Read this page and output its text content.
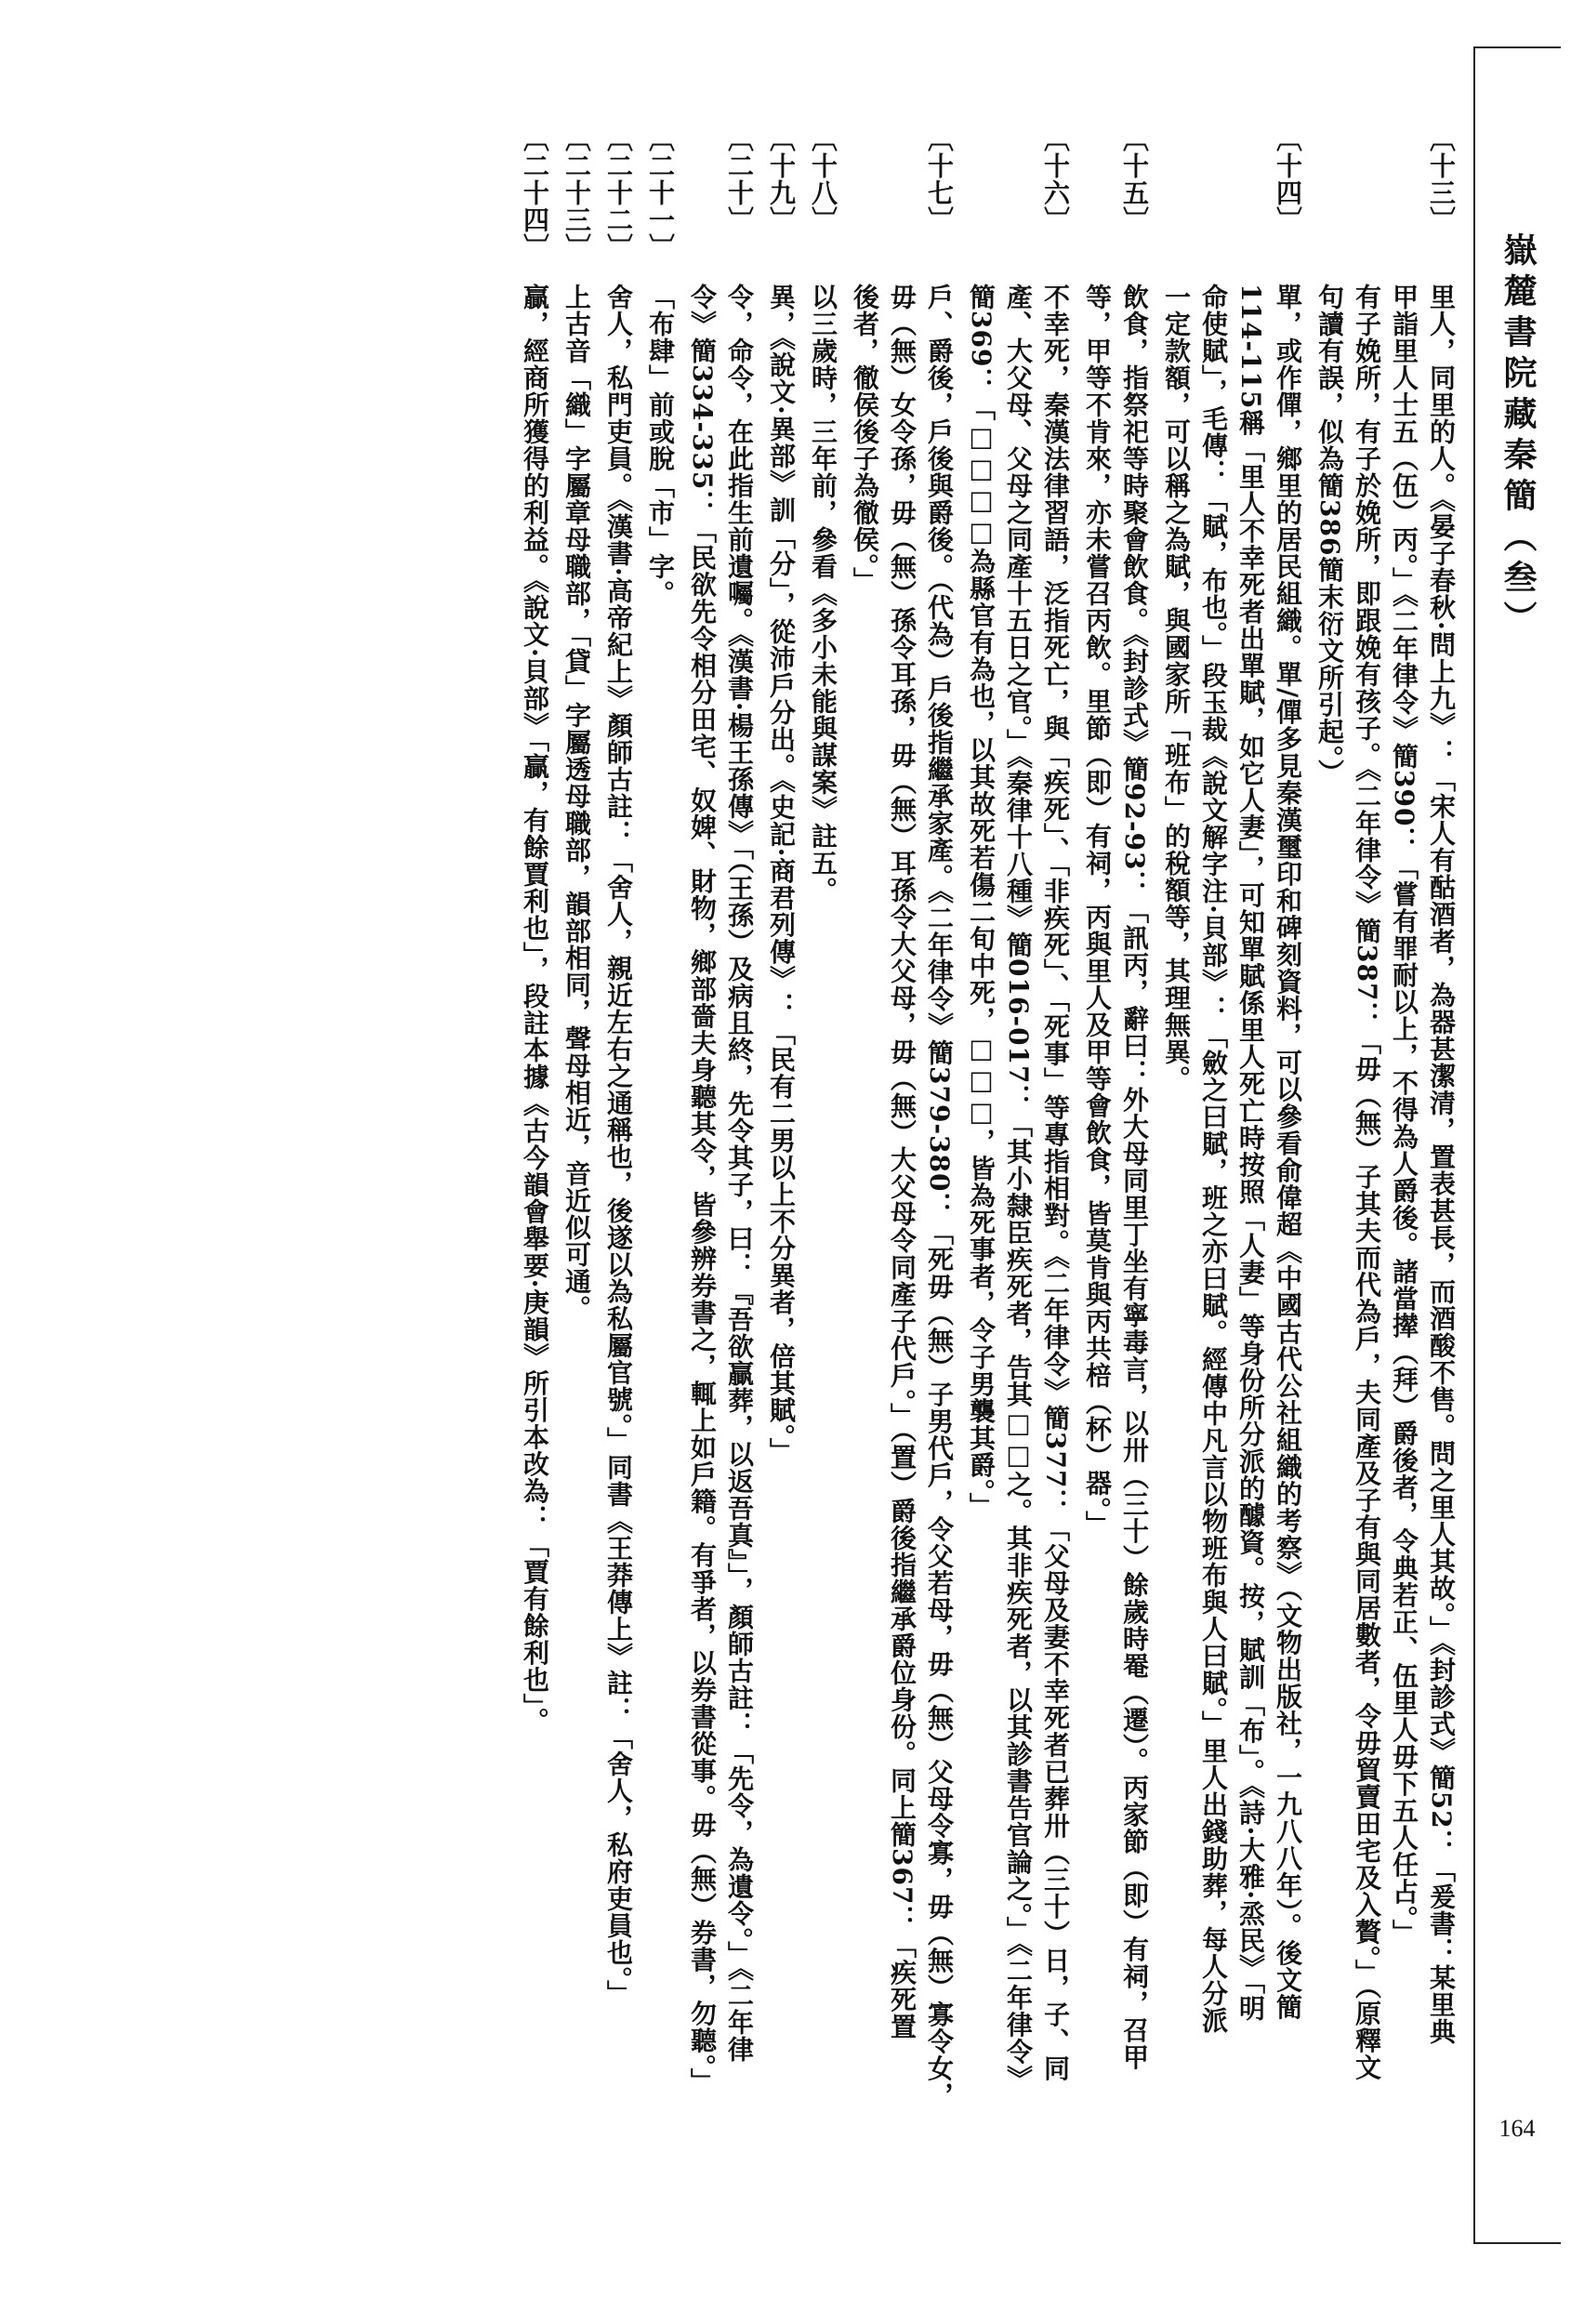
嶽麓書院藏秦簡（叁）
164
〔十三〕
里人，同里的人。《晏子春秋·問上九》：「宋人有酤酒者，為器甚潔清，置表甚長，而酒酸不售。問之里人其故。」《封診式》簡52：「爰書：某里典
甲詣里人士五（伍）丙。」《二年律令》簡390：「嘗有罪耐以上，不得為人爵後。諸當撵（拜）爵後者，令典若正、伍里人毋下五人任占。」
有子娩所，有子於娩所，即跟娩有孩子。《二年律令》簡387：「毋（無）子其夫而代為戶，夫同產及子有與同居數者，令毋貿賣田宅及入贅。」（原釋文
句讀有誤，似為簡386簡末衍文所引起。）
〔十四〕
單，或作僤，鄉里的居民組織。單/僤多見秦漢璽印和碑刻資料，可以參看俞偉超《中國古代公社組織的考察》（文物出版社，一九八八年）。後文簡
114-115稱「里人不幸死者出單賦，如它人妻」，可知單賦係里人死亡時按照「人妻」等身份所分派的醵資。按，賦訓「布」。《詩·大雅·烝民》「明
命使賦」，毛傳：「賦，布也。」段玉裁《說文解字注·貝部》：「斂之曰賦，班之亦曰賦。經傳中凡言以物班布與人曰賦。」里人出錢助葬，每人分派
一定款額，可以稱之為賦，與國家所「班布」的稅額等，其理無異。
〔十五〕
飲食，指祭祀等時聚會飲食。《封診式》簡92-93：「訊丙，辭曰：外大母同里丁坐有寧毒言，以卅（三十）餘歲時罨（遷）。丙家節（即）有祠，召甲
等，甲等不肯來，亦未嘗召丙飲。里節（即）有祠，丙與里人及甲等會飲食，皆莫肯與丙共棓（杯）器。」
〔十六〕
不幸死，秦漢法律習語，泛指死亡，與「疾死」、「非疾死」、「死事」等專指相對。《二年律令》簡377：「父母及妻不幸死者已葬卅（三十）日，子、同
產、大父母、父母之同產十五日之官。」《秦律十八種》簡016-017：「其小隸臣疾死者，告其□□之。其非疾死者，以其診書告官論之。」《二年律令》
簡369：「□□□□為縣官有為也，以其故死若傷二旬中死，□□□，皆為死事者，令子男襲其爵。」
〔十七〕
戶、爵後，戶後與爵後。（代為）戶後指繼承家產。《二年律令》簡379-380：「死毋（無）子男代戶，令父若母，毋（無）父母令寡，毋（無）寡令女，
毋（無）女令孫，毋（無）孫令耳孫，毋（無）耳孫令大父母，毋（無）大父母令同產子代戶。」（置）爵後指繼承爵位身份。同上簡367：「疾死置
後者，徹侯後子為徹侯。」
〔十八〕
以三歲時，三年前，參看《多小未能與謀案》註五。
〔十九〕
異，《說文·異部》訓「分」，從沛戶分出。《史記·商君列傳》：「民有二男以上不分異者，倍其賦。」
〔二十〕
令，命令，在此指生前遺囑。《漢書·楊王孫傳》「（王孫）及病且終，先令其子，曰：『吾欲贏葬，以返吾真』」，顏師古註：「先令，為遺令。」《二年律
令》簡334-335：「民欲先令相分田宅、奴婢、財物，鄉部嗇夫身聽其令，皆參辨券書之，輒上如戶籍。有爭者，以券書從事。毋（無）券書，勿聽。」
〔二十一〕
「布肆」前或脫「市」字。
〔二十二〕
舍人，私門吏員。《漢書·高帝紀上》顏師古註：「舍人，親近左右之通稱也，後遂以為私屬官號。」同書《王莽傳上》註：「舍人，私府吏員也。」
〔二十三〕
上古音「織」字屬章母職部，「貸」字屬透母職部，韻部相同，聲母相近，音近似可通。
〔二十四〕
贏，經商所獲得的利益。《說文·貝部》「贏，有餘賈利也」，段註本據《古今韻會舉要·庚韻》所引本改為：「賈有餘利也」。
